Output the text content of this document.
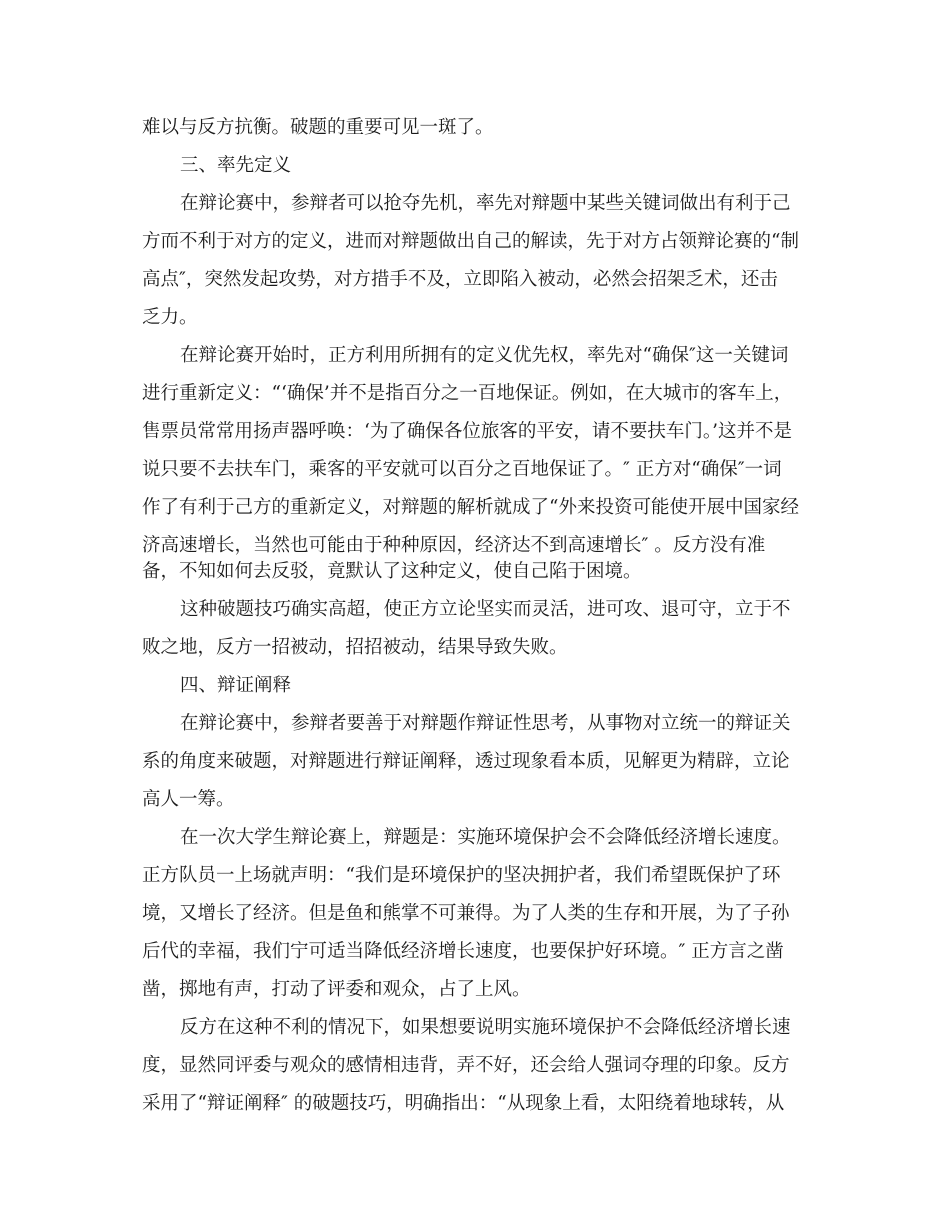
难以与反方抗衡。破题的重要可见一斑了。
三、率先定义
在辩论赛中，参辩者可以抢夺先机，率先对辩题中某些关键词做出有利于己
方而不利于对方的定义，进而对辩题做出自己的解读，先于对方占领辩论赛的“制
高点″，突然发起攻势，对方措手不及，立即陷入被动，必然会招架乏术，还击
乏力。
在辩论赛开始时，正方利用所拥有的定义优先权，率先对“确保″这一关键词
进行重新定义：“‘确保’并不是指百分之一百地保证。例如，在大城市的客车上，
售票员常常用扬声器呼唤：‘为了确保各位旅客的平安，请不要扶车门。’这并不是
说只要不去扶车门，乘客的平安就可以百分之百地保证了。″ 正方对“确保″一词
作了有利于己方的重新定义，对辩题的解析就成了“外来投资可能使开展中国家经
济高速增长，当然也可能由于种种原因，经济达不到高速增长″ 。反方没有准
备，不知如何去反驳，竟默认了这种定义，使自己陷于困境。
这种破题技巧确实高超，使正方立论坚实而灵活，进可攻、退可守，立于不
败之地，反方一招被动，招招被动，结果导致失败。
四、辩证阐释
在辩论赛中，参辩者要善于对辩题作辩证性思考，从事物对立统一的辩证关
系的角度来破题，对辩题进行辩证阐释，透过现象看本质，见解更为精辟，立论
高人一筹。
在一次大学生辩论赛上，辩题是：实施环境保护会不会降低经济增长速度。
正方队员一上场就声明：“我们是环境保护的坚决拥护者，我们希望既保护了环
境，又增长了经济。但是鱼和熊掌不可兼得。为了人类的生存和开展，为了子孙
后代的幸福，我们宁可适当降低经济增长速度，也要保护好环境。″ 正方言之凿
凿，掷地有声，打动了评委和观众，占了上风。
反方在这种不利的情况下，如果想要说明实施环境保护不会降低经济增长速
度，显然同评委与观众的感情相违背，弄不好，还会给人强词夺理的印象。反方
采用了“辩证阐释″ 的破题技巧，明确指出：“从现象上看，太阳绕着地球转，从
